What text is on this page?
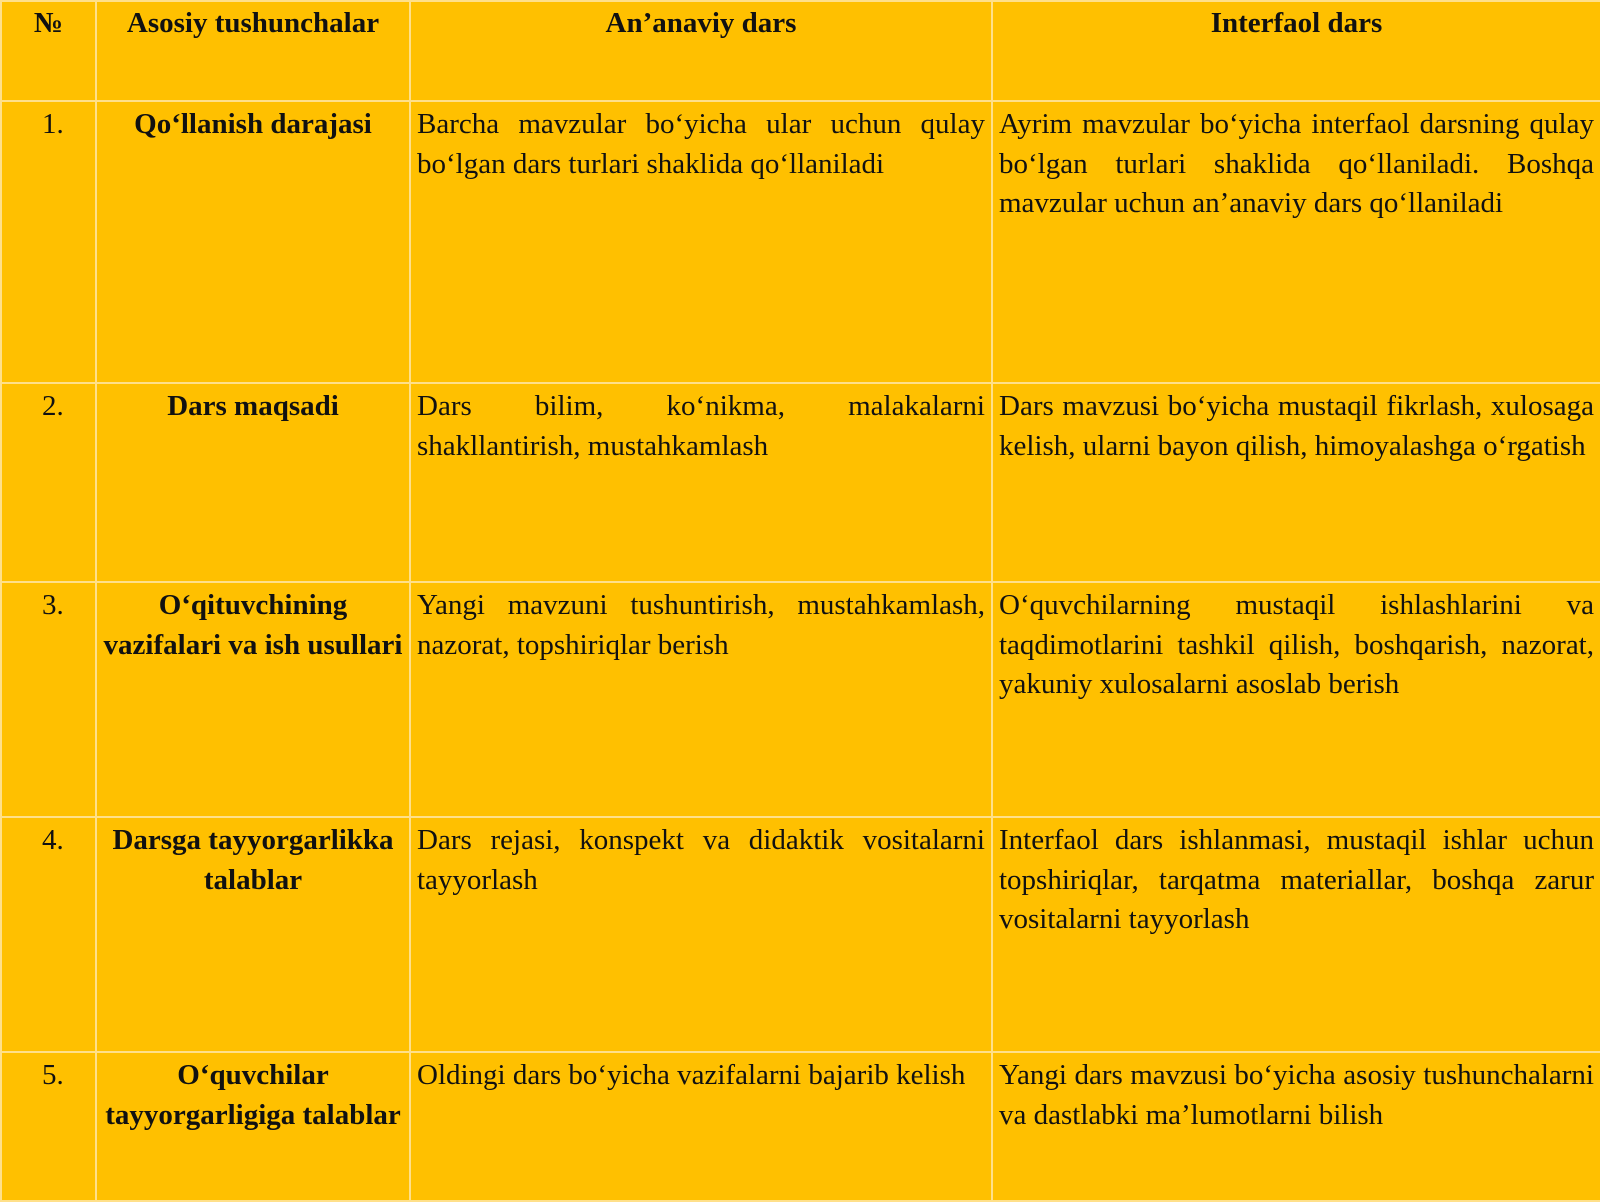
№	Asosiy tushunchalar	An’anaviy dars	Interfaol dars
1.	Qo‘llanish darajasi	Barcha mavzular bo‘yicha ular uchun qulay bo‘lgan dars turlari shaklida qo‘llaniladi	Ayrim mavzular bo‘yicha interfaol darsning qulay bo‘lgan turlari shaklida qo‘llaniladi. Boshqa mavzular uchun an’anaviy dars qo‘llaniladi
2.	Dars maqsadi	Dars bilim, ko‘nikma, malakalarni shakllantirish, mustahkamlash	Dars mavzusi bo‘yicha mustaqil fikrlash, xulosaga kelish, ularni bayon qilish, himoyalashga o‘rgatish
3.	O‘qituvchining vazifalari va ish usullari	Yangi mavzuni tushuntirish, mustahkamlash, nazorat, topshiriqlar berish	O‘quvchilarning mustaqil ishlashlarini va taqdimotlarini tashkil qilish, boshqarish, nazorat, yakuniy xulosalarni asoslab berish
4.	Darsga tayyorgarlikka talablar	Dars rejasi, konspekt va didaktik vositalarni tayyorlash	Interfaol dars ishlanmasi, mustaqil ishlar uchun topshiriqlar, tarqatma materiallar, boshqa zarur vositalarni tayyorlash
5.	O‘quvchilar tayyorgarligiga talablar	Oldingi dars bo‘yicha vazifalarni bajarib kelish	Yangi dars mavzusi bo‘yicha asosiy tushunchalarni va dastlabki ma’lumotlarni bilish
